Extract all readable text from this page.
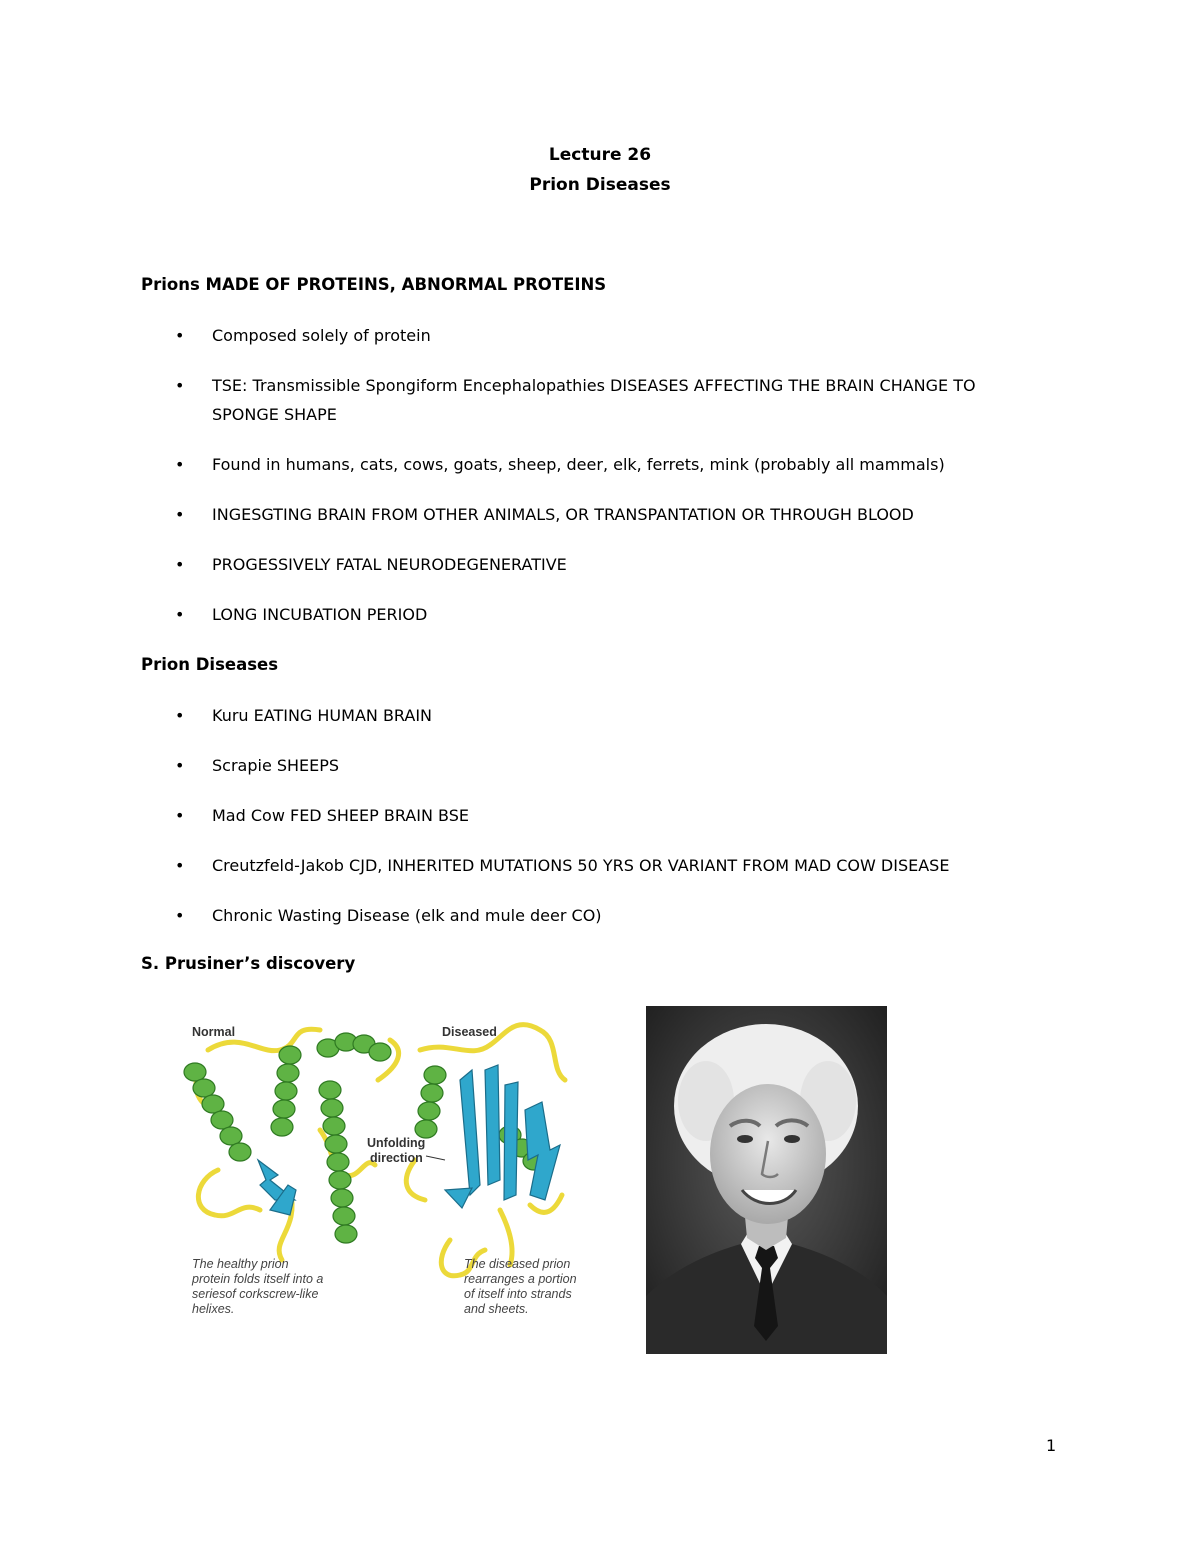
Lecture 26
Prion Diseases
Prions MADE OF PROTEINS, ABNORMAL PROTEINS
• Composed solely of protein
• TSE: Transmissible Spongiform Encephalopathies DISEASES AFFECTING THE BRAIN CHANGE TO SPONGE SHAPE
• Found in humans, cats, cows, goats, sheep, deer, elk, ferrets, mink (probably all mammals)
• INGESGTING BRAIN FROM OTHER ANIMALS, OR TRANSPANTATION OR THROUGH BLOOD
• PROGESSIVELY FATAL NEURODEGENERATIVE
• LONG INCUBATION PERIOD
Prion Diseases
• Kuru EATING HUMAN BRAIN
• Scrapie SHEEPS
• Mad Cow FED SHEEP BRAIN BSE
• Creutzfeld-Jakob CJD, INHERITED MUTATIONS 50 YRS OR VARIANT FROM MAD COW DISEASE
• Chronic Wasting Disease (elk and mule deer CO)
S. Prusiner’s discovery
Normal	Diseased
Unfolding
direction
The healthy prion protein folds itself into a seriesof corkscrew-like helixes.
The diseased prion rearranges a portion of itself into strands and sheets.
1
